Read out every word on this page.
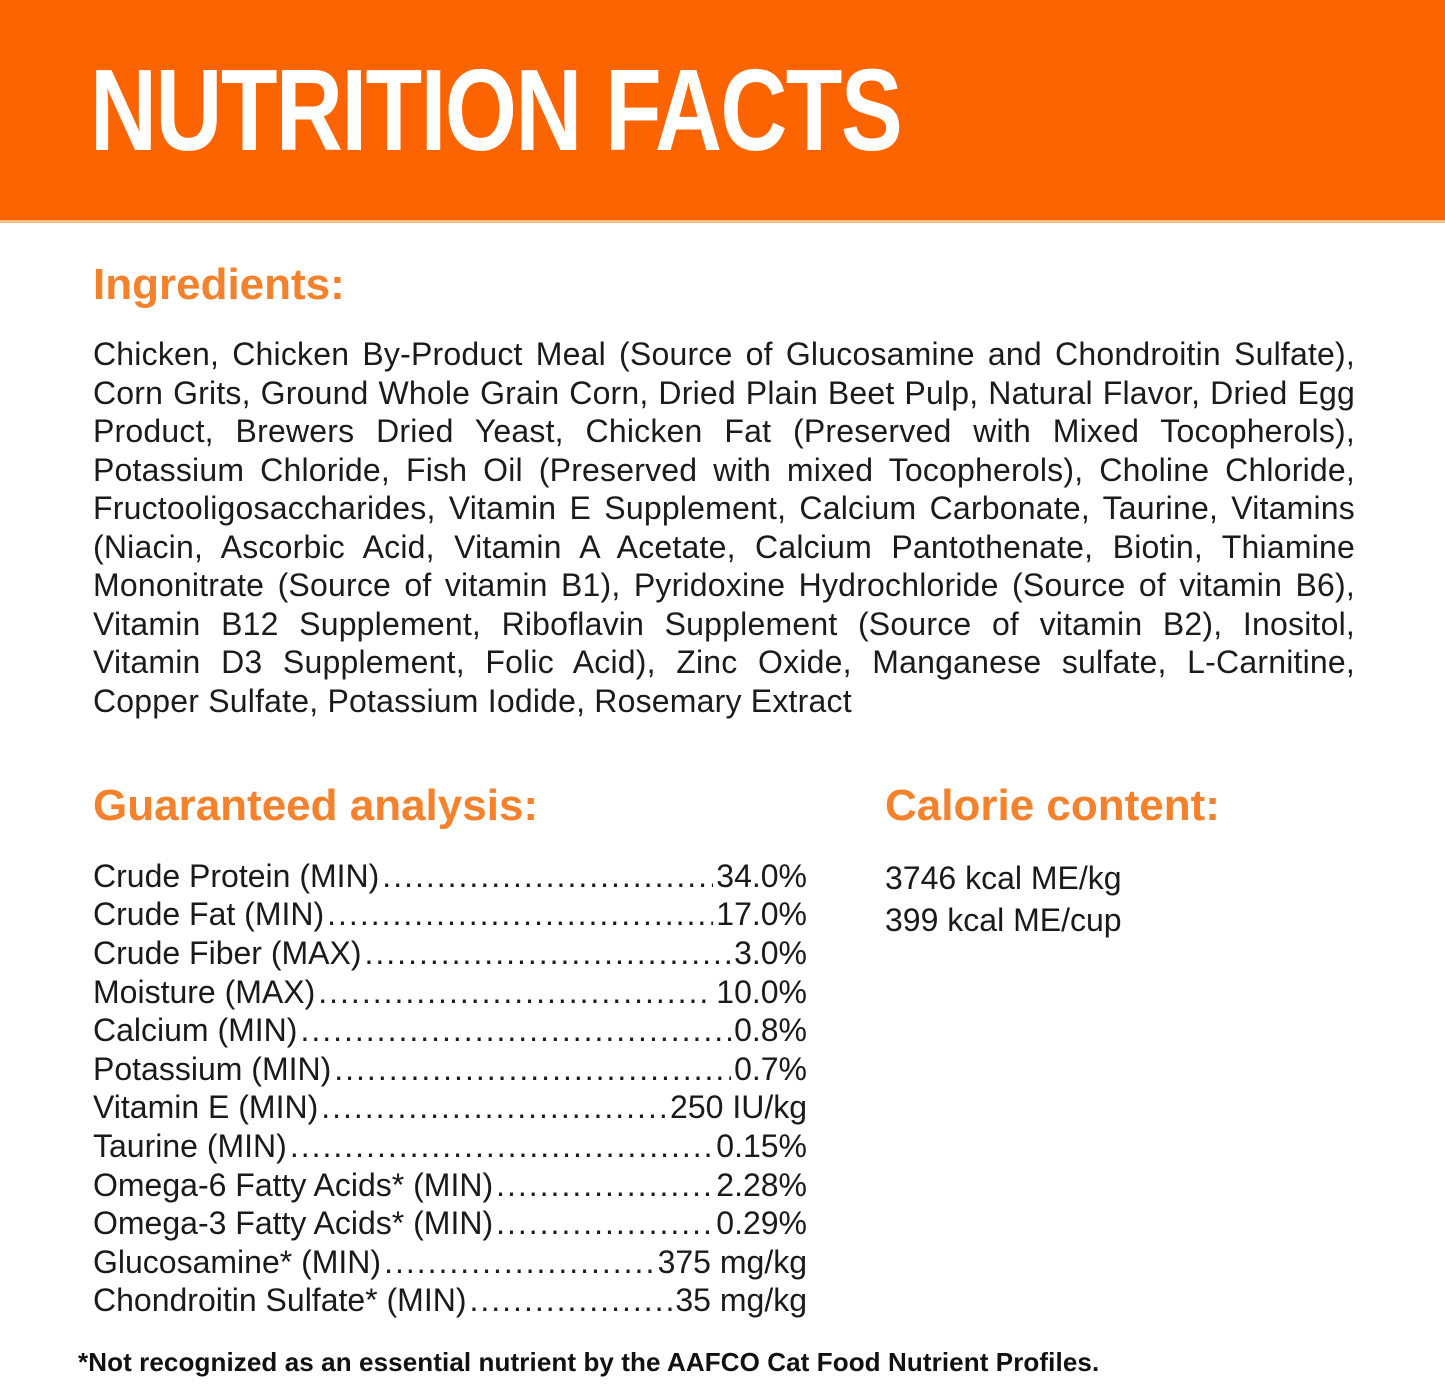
NUTRITION FACTS
Ingredients:

Chicken, Chicken By-Product Meal (Source of Glucosamine and Chondroitin Sulfate), Corn Grits, Ground Whole Grain Corn, Dried Plain Beet Pulp, Natural Flavor, Dried Egg Product, Brewers Dried Yeast, Chicken Fat (Preserved with Mixed Tocopherols), Potassium Chloride, Fish Oil (Preserved with mixed Tocopherols), Choline Chloride, Fructooligosaccharides, Vitamin E Supplement, Calcium Carbonate, Taurine, Vitamins (Niacin, Ascorbic Acid, Vitamin A Acetate, Calcium Pantothenate, Biotin, Thiamine Mononitrate (Source of vitamin B1), Pyridoxine Hydrochloride (Source of vitamin B6), Vitamin B12 Supplement, Riboflavin Supplement (Source of vitamin B2), Inositol, Vitamin D3 Supplement, Folic Acid), Zinc Oxide, Manganese sulfate, L-Carnitine, Copper Sulfate, Potassium Iodide, Rosemary Extract

Guaranteed analysis:
Crude Protein (MIN) .....	34.0%
Crude Fat (MIN) .....	17.0%
Crude Fiber (MAX) .....	3.0%
Moisture (MAX) .....	10.0%
Calcium (MIN) .....	0.8%
Potassium (MIN) .....	0.7%
Vitamin E (MIN) .....	250 IU/kg
Taurine (MIN) .....	0.15%
Omega-6 Fatty Acids* (MIN) .....	2.28%
Omega-3 Fatty Acids* (MIN) .....	0.29%
Glucosamine* (MIN) .....	375 mg/kg
Chondroitin Sulfate* (MIN) .....	35 mg/kg
Calorie content:
3746 kcal ME/kg
399 kcal ME/cup
*Not recognized as an essential nutrient by the AAFCO Cat Food Nutrient Profiles.
